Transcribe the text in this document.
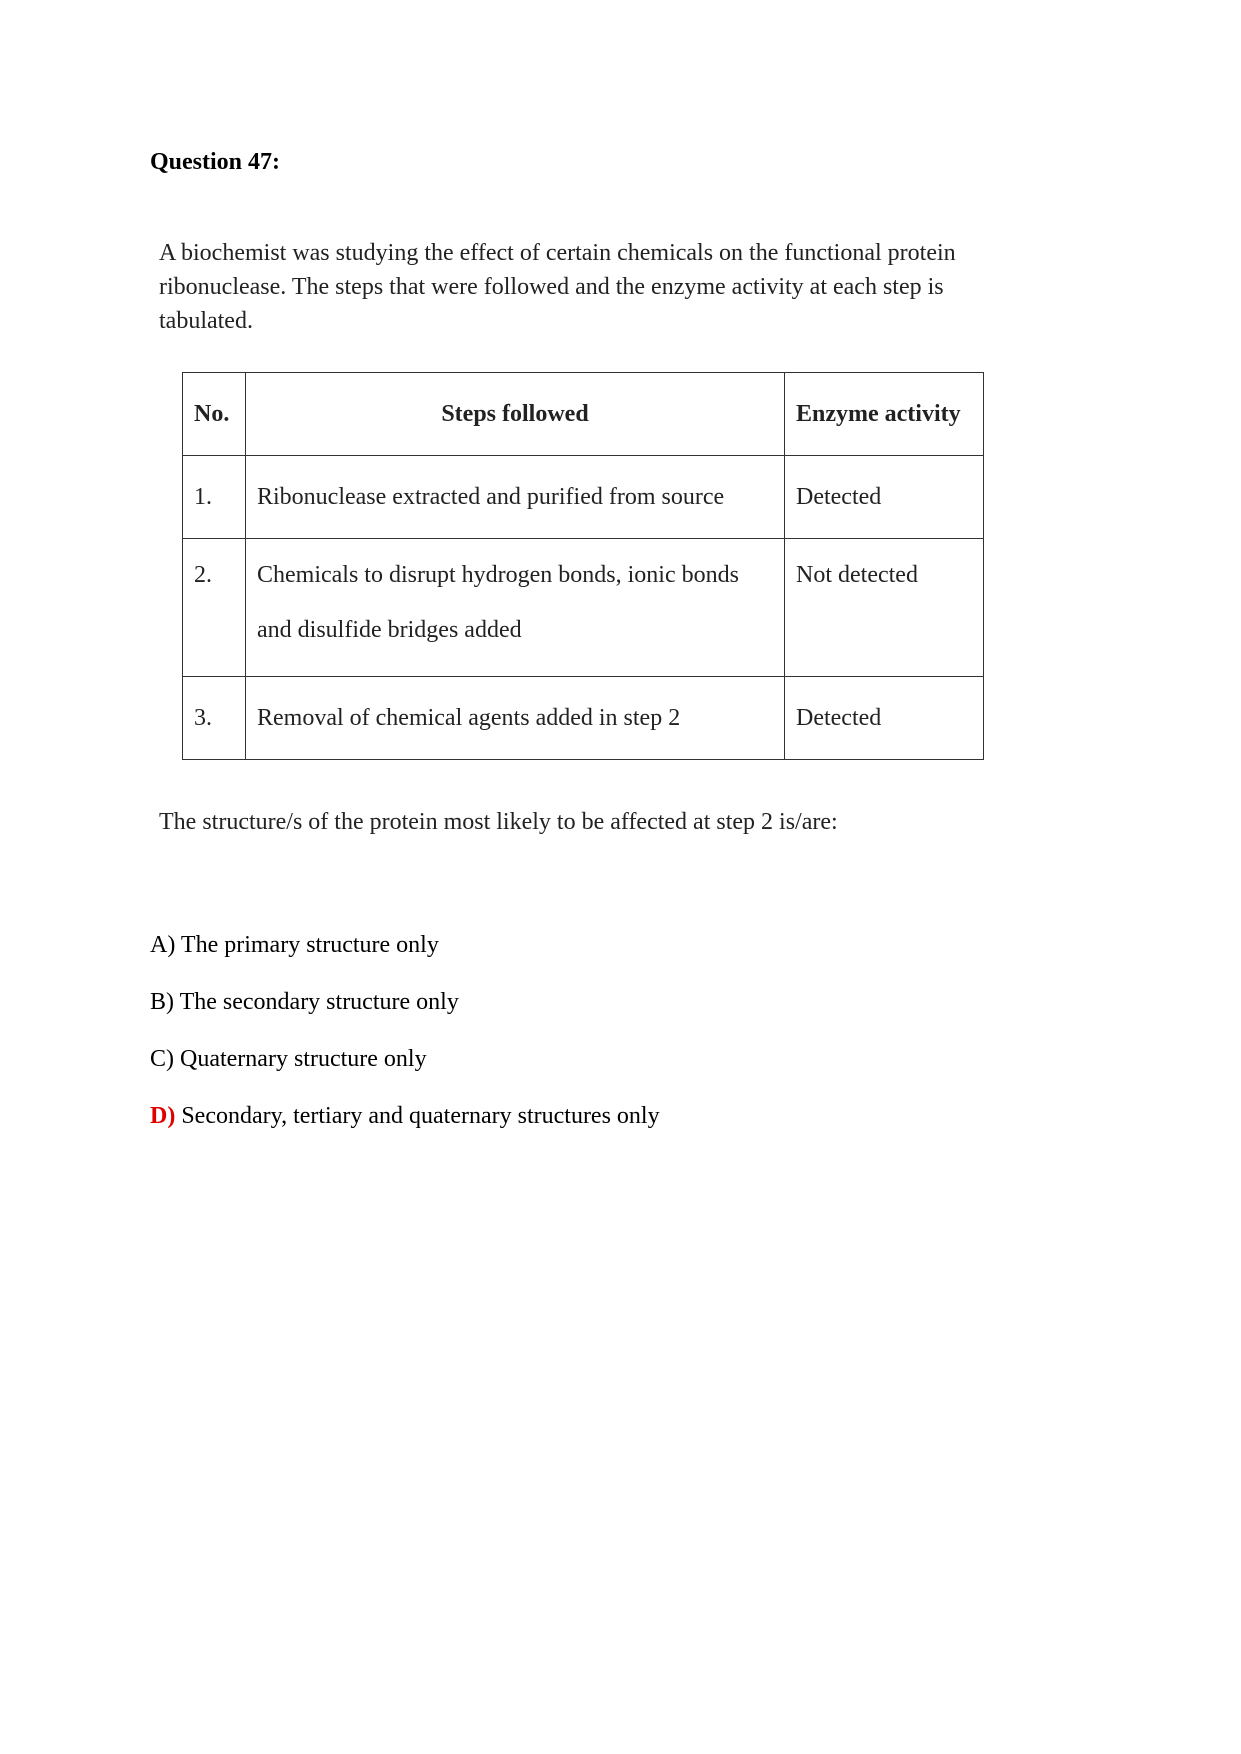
Question 47:

A biochemist was studying the effect of certain chemicals on the functional protein

ribonuclease. The steps that were followed and the enzyme activity at each step is

tabulated.

No.	Steps followed	Enzyme activity
1.	Ribonuclease extracted and purified from source	Detected

2.	Chemicals to disrupt hydrogen bonds, ionic bonds
and disulfide bridges added	Not detected

3.	Removal of chemical agents added in step 2	Detected
The structure/s of the protein most likely to be affected at step 2 is/are:
A) The primary structure only
B) The secondary structure only
C) Quaternary structure only
D) Secondary, tertiary and quaternary structures only
